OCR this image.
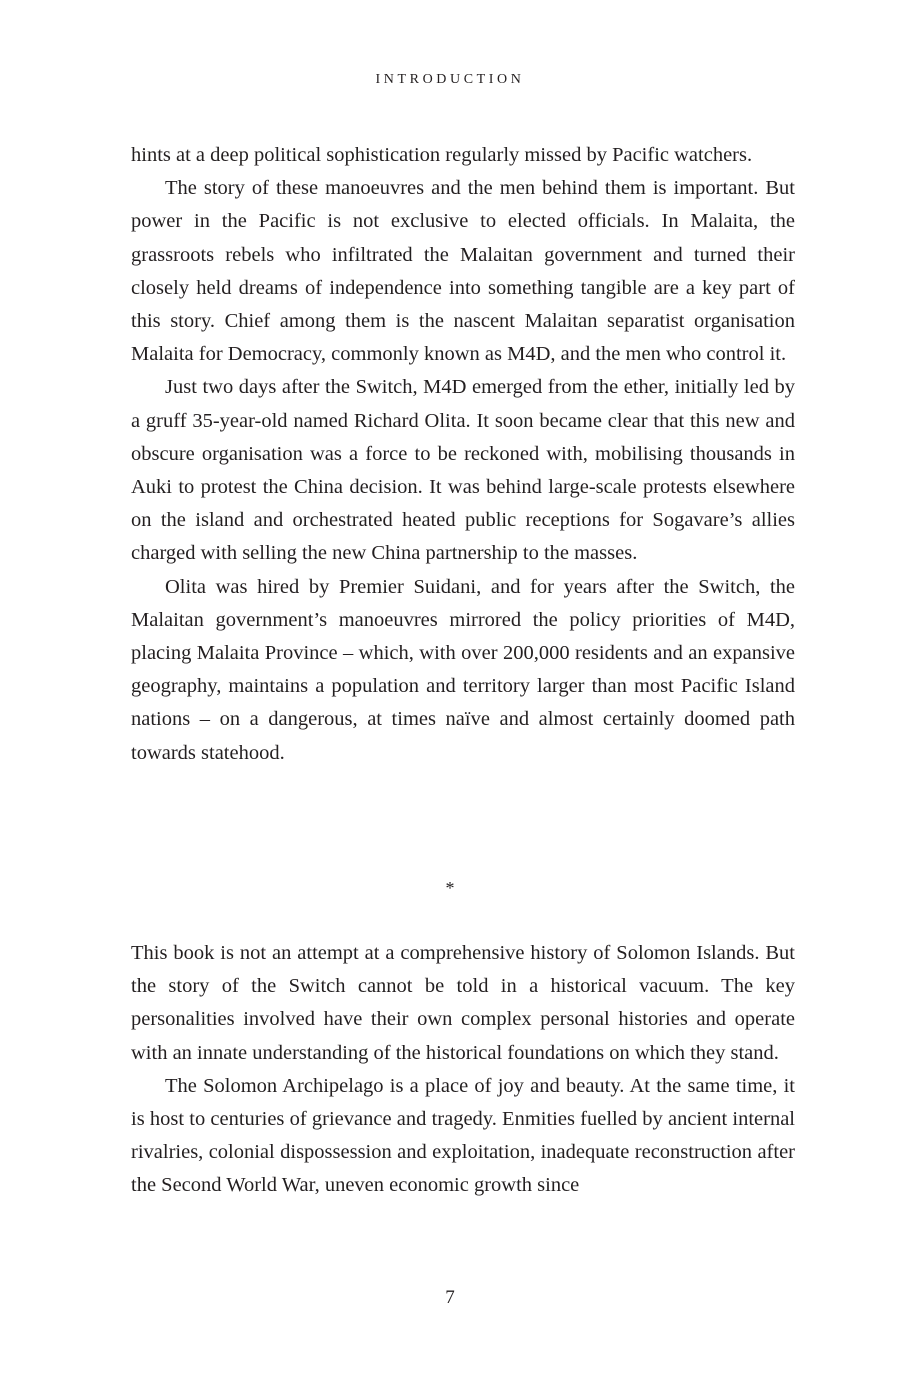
INTRODUCTION

hints at a deep political sophistication regularly missed by Pacific watchers.

The story of these manoeuvres and the men behind them is important. But power in the Pacific is not exclusive to elected officials. In Malaita, the grassroots rebels who infiltrated the Malaitan government and turned their closely held dreams of independence into something tangible are a key part of this story. Chief among them is the nascent Malaitan separatist organisation Malaita for Democracy, commonly known as M4D, and the men who control it.

Just two days after the Switch, M4D emerged from the ether, initially led by a gruff 35-year-old named Richard Olita. It soon became clear that this new and obscure organisation was a force to be reckoned with, mobilising thousands in Auki to protest the China decision. It was behind large-scale protests elsewhere on the island and orchestrated heated public receptions for Sogavare’s allies charged with selling the new China partnership to the masses.

Olita was hired by Premier Suidani, and for years after the Switch, the Malaitan government’s manoeuvres mirrored the policy priorities of M4D, placing Malaita Province – which, with over 200,000 residents and an expansive geography, maintains a population and territory larger than most Pacific Island nations – on a dangerous, at times naïve and almost certainly doomed path towards statehood.

*

This book is not an attempt at a comprehensive history of Solomon Islands. But the story of the Switch cannot be told in a historical vacuum. The key personalities involved have their own complex personal histories and operate with an innate understanding of the historical foundations on which they stand.

The Solomon Archipelago is a place of joy and beauty. At the same time, it is host to centuries of grievance and tragedy. Enmities fuelled by ancient internal rivalries, colonial dispossession and exploitation, inadequate reconstruction after the Second World War, uneven economic growth since

7
